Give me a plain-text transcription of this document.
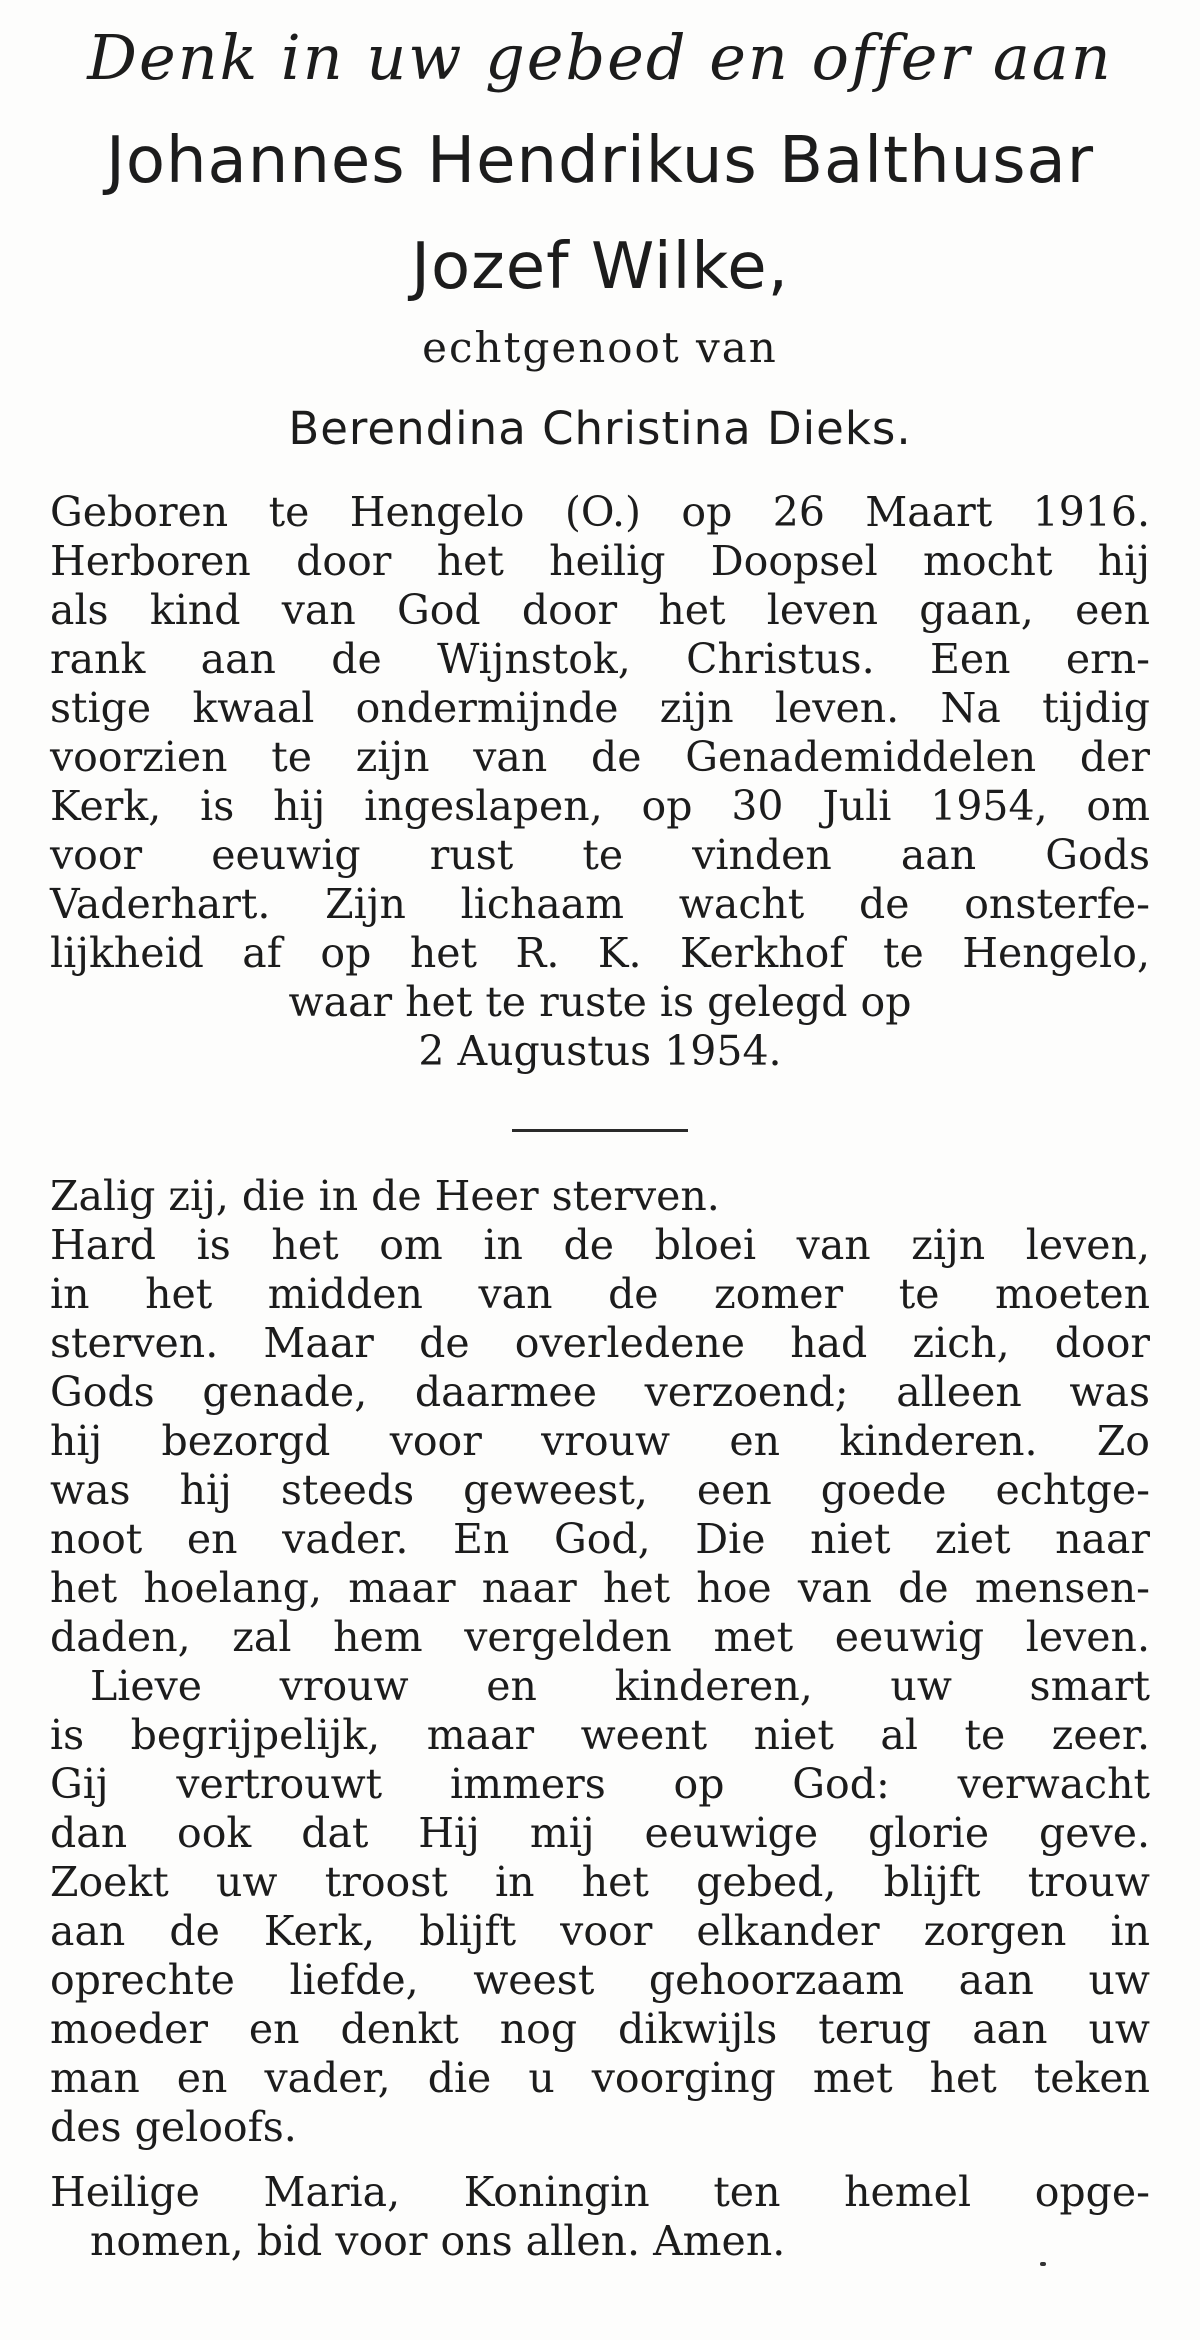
Denk in uw gebed en offer aan
Johannes Hendrikus Balthusar
Jozef Wilke,
echtgenoot van
Berendina Christina Dieks.
Geboren te Hengelo (O.) op 26 Maart 1916.
Herboren door het heilig Doopsel mocht hij
als kind van God door het leven gaan, een
rank aan de Wijnstok, Christus. Een ern-
stige kwaal ondermijnde zijn leven. Na tijdig
voorzien te zijn van de Genademiddelen der
Kerk, is hij ingeslapen, op 30 Juli 1954, om
voor eeuwig rust te vinden aan Gods
Vaderhart. Zijn lichaam wacht de onsterfe-
lijkheid af op het R. K. Kerkhof te Hengelo,
waar het te ruste is gelegd op
2 Augustus 1954.
Zalig zij, die in de Heer sterven.
Hard is het om in de bloei van zijn leven,
in het midden van de zomer te moeten
sterven. Maar de overledene had zich, door
Gods genade, daarmee verzoend; alleen was
hij bezorgd voor vrouw en kinderen. Zo
was hij steeds geweest, een goede echtge-
noot en vader. En God, Die niet ziet naar
het hoelang, maar naar het hoe van de mensen-
daden, zal hem vergelden met eeuwig leven.
Lieve vrouw en kinderen, uw smart
is begrijpelijk, maar weent niet al te zeer.
Gij vertrouwt immers op God: verwacht
dan ook dat Hij mij eeuwige glorie geve.
Zoekt uw troost in het gebed, blijft trouw
aan de Kerk, blijft voor elkander zorgen in
oprechte liefde, weest gehoorzaam aan uw
moeder en denkt nog dikwijls terug aan uw
man en vader, die u voorging met het teken
des geloofs.
Heilige Maria, Koningin ten hemel opge-
nomen, bid voor ons allen. Amen.
